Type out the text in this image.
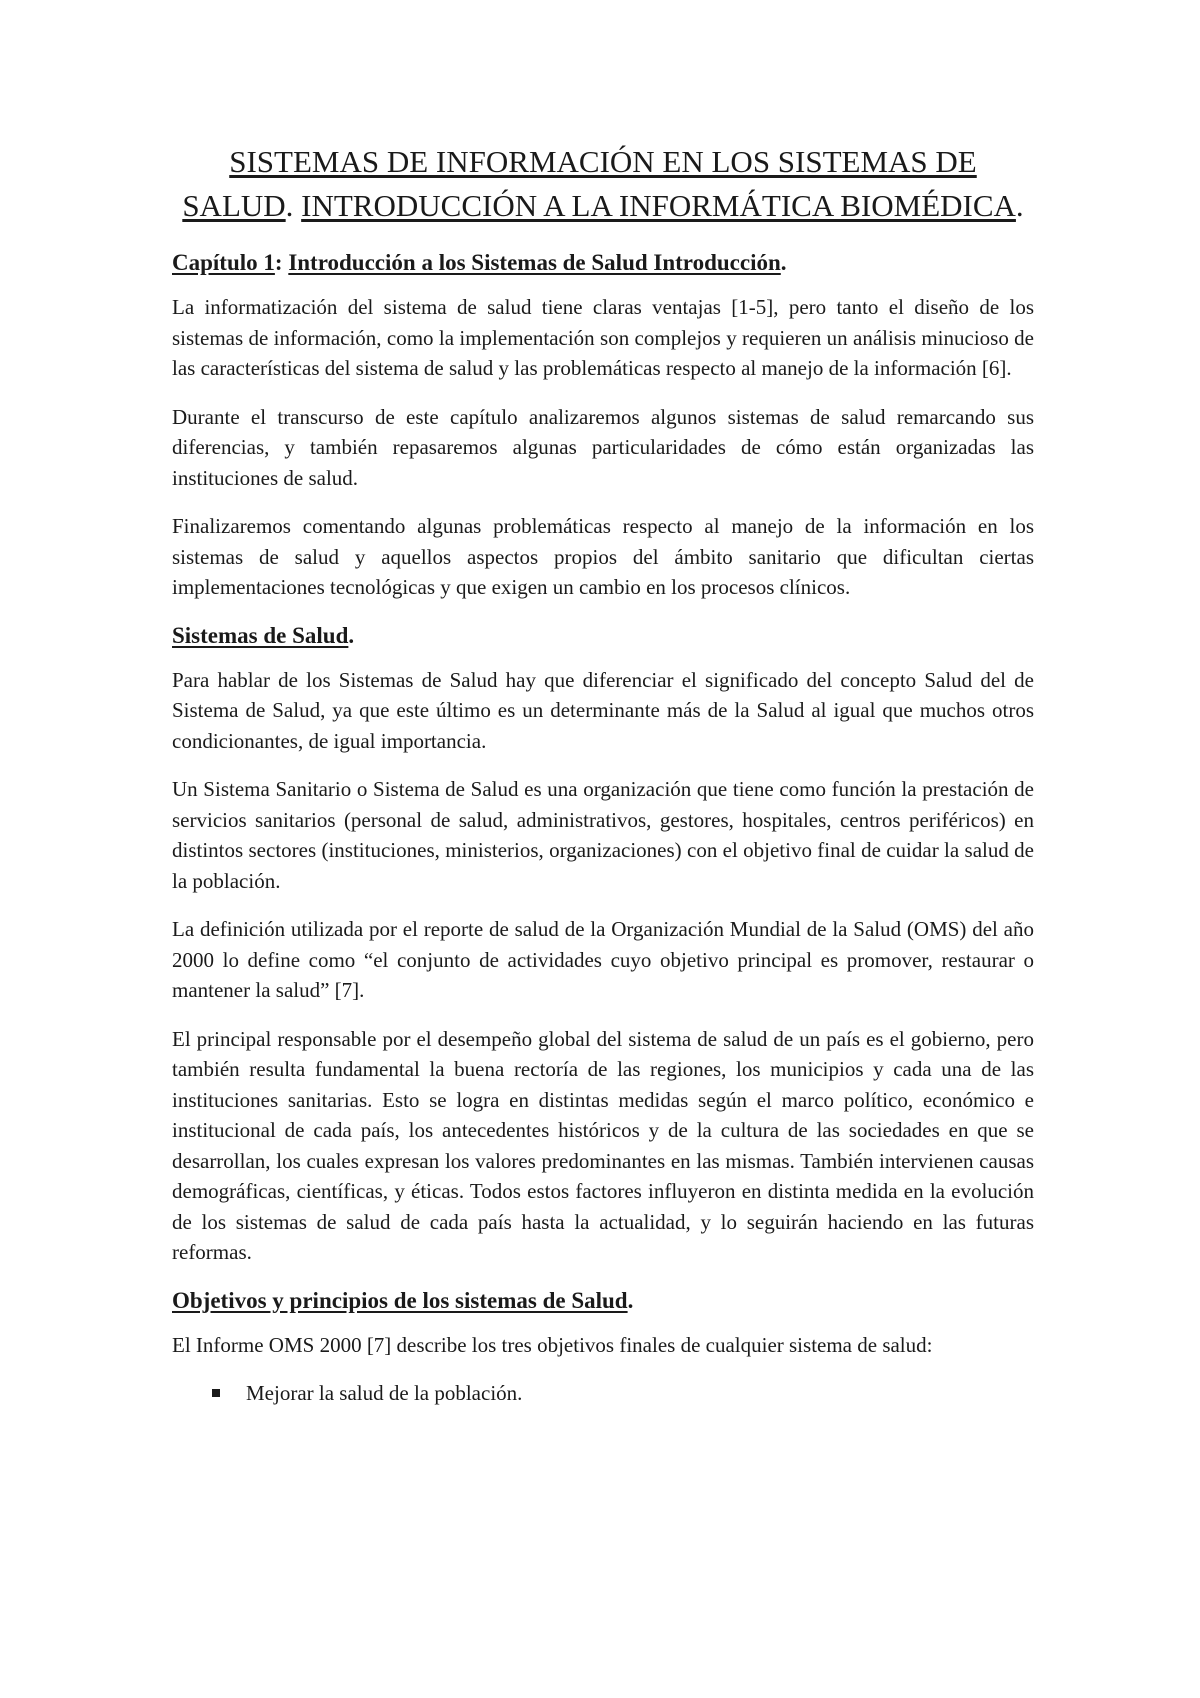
SISTEMAS DE INFORMACIÓN EN LOS SISTEMAS DE SALUD. INTRODUCCIÓN A LA INFORMÁTICA BIOMÉDICA.
Capítulo 1: Introducción a los Sistemas de Salud Introducción.

La informatización del sistema de salud tiene claras ventajas [1-5], pero tanto el diseño de los sistemas de información, como la implementación son complejos y requieren un análisis minucioso de las características del sistema de salud y las problemáticas respecto al manejo de la información [6].

Durante el transcurso de este capítulo analizaremos algunos sistemas de salud remarcando sus diferencias, y también repasaremos algunas particularidades de cómo están organizadas las instituciones de salud.

Finalizaremos comentando algunas problemáticas respecto al manejo de la información en los sistemas de salud y aquellos aspectos propios del ámbito sanitario que dificultan ciertas implementaciones tecnológicas y que exigen un cambio en los procesos clínicos.

Sistemas de Salud.

Para hablar de los Sistemas de Salud hay que diferenciar el significado del concepto Salud del de Sistema de Salud, ya que este último es un determinante más de la Salud al igual que muchos otros condicionantes, de igual importancia.

Un Sistema Sanitario o Sistema de Salud es una organización que tiene como función la prestación de servicios sanitarios (personal de salud, administrativos, gestores, hospitales, centros periféricos) en distintos sectores (instituciones, ministerios, organizaciones) con el objetivo final de cuidar la salud de la población.

La definición utilizada por el reporte de salud de la Organización Mundial de la Salud (OMS) del año 2000 lo define como “el conjunto de actividades cuyo objetivo principal es promover, restaurar o mantener la salud” [7].

El principal responsable por el desempeño global del sistema de salud de un país es el gobierno, pero también resulta fundamental la buena rectoría de las regiones, los municipios y cada una de las instituciones sanitarias. Esto se logra en distintas medidas según el marco político, económico e institucional de cada país, los antecedentes históricos y de la cultura de las sociedades en que se desarrollan, los cuales expresan los valores predominantes en las mismas. También intervienen causas demográficas, científicas, y éticas. Todos estos factores influyeron en distinta medida en la evolución de los sistemas de salud de cada país hasta la actualidad, y lo seguirán haciendo en las futuras reformas.

Objetivos y principios de los sistemas de Salud.

El Informe OMS 2000 [7] describe los tres objetivos finales de cualquier sistema de salud:

Mejorar la salud de la población.
